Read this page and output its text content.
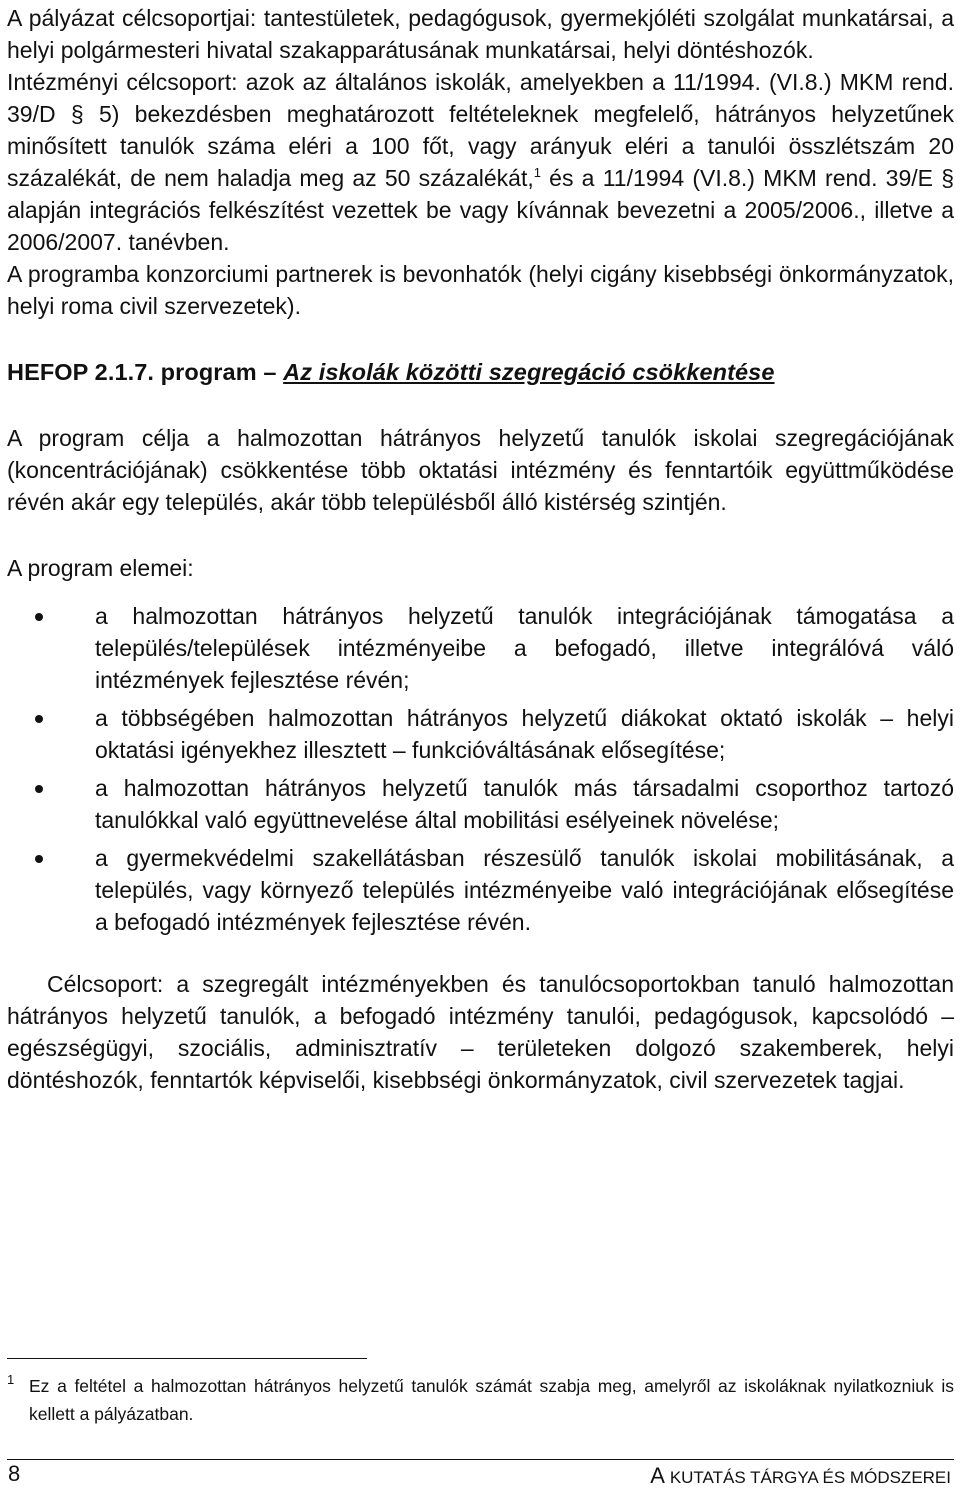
A pályázat célcsoportjai: tantestületek, pedagógusok, gyermekjóléti szolgálat munkatársai, a helyi polgármesteri hivatal szakapparátusának munkatársai, helyi döntéshozók.

Intézményi célcsoport: azok az általános iskolák, amelyekben a 11/1994. (VI.8.) MKM rend. 39/D § 5) bekezdésben meghatározott feltételeknek megfelelő, hátrányos helyzetűnek minősített tanulók száma eléri a 100 főt, vagy arányuk eléri a tanulói összlétszám 20 százalékát, de nem haladja meg az 50 százalékát,$^1$ és a 11/1994 (VI.8.) MKM rend. 39/E § alapján integrációs felkészítést vezettek be vagy kívánnak bevezetni a 2005/2006., illetve a 2006/2007. tanévben.

A programba konzorciumi partnerek is bevonhatók (helyi cigány kisebbségi önkormányzatok, helyi roma civil szervezetek).

HEFOP 2.1.7. program – Az iskolák közötti szegregáció csökkentése

A program célja a halmozottan hátrányos helyzetű tanulók iskolai szegregációjának (koncentrációjának) csökkentése több oktatási intézmény és fenntartóik együttműködése révén akár egy település, akár több településből álló kistérség szintjén.

A program elemei:

a halmozottan hátrányos helyzetű tanulók integrációjának támogatása a település/települések intézményeibe a befogadó, illetve integrálóvá váló intézmények fejlesztése révén;
a többségében halmozottan hátrányos helyzetű diákokat oktató iskolák – helyi oktatási igényekhez illesztett – funkcióváltásának elősegítése;
a halmozottan hátrányos helyzetű tanulók más társadalmi csoporthoz tartozó tanulókkal való együttnevelése által mobilitási esélyeinek növelése;
a gyermekvédelmi szakellátásban részesülő tanulók iskolai mobilitásának, a település, vagy környező település intézményeibe való integrációjának elősegítése a befogadó intézmények fejlesztése révén.

Célcsoport: a szegregált intézményekben és tanulócsoportokban tanuló halmozottan hátrányos helyzetű tanulók, a befogadó intézmény tanulói, pedagógusok, kapcsolódó – egészségügyi, szociális, adminisztratív – területeken dolgozó szakemberek, helyi döntéshozók, fenntartók képviselői, kisebbségi önkormányzatok, civil szervezetek tagjai.

1 Ez a feltétel a halmozottan hátrányos helyzetű tanulók számát szabja meg, amelyről az iskoláknak nyilatkozniuk is kellett a pályázatban.

8	A KUTATÁS TÁRGYA ÉS MÓDSZEREI
